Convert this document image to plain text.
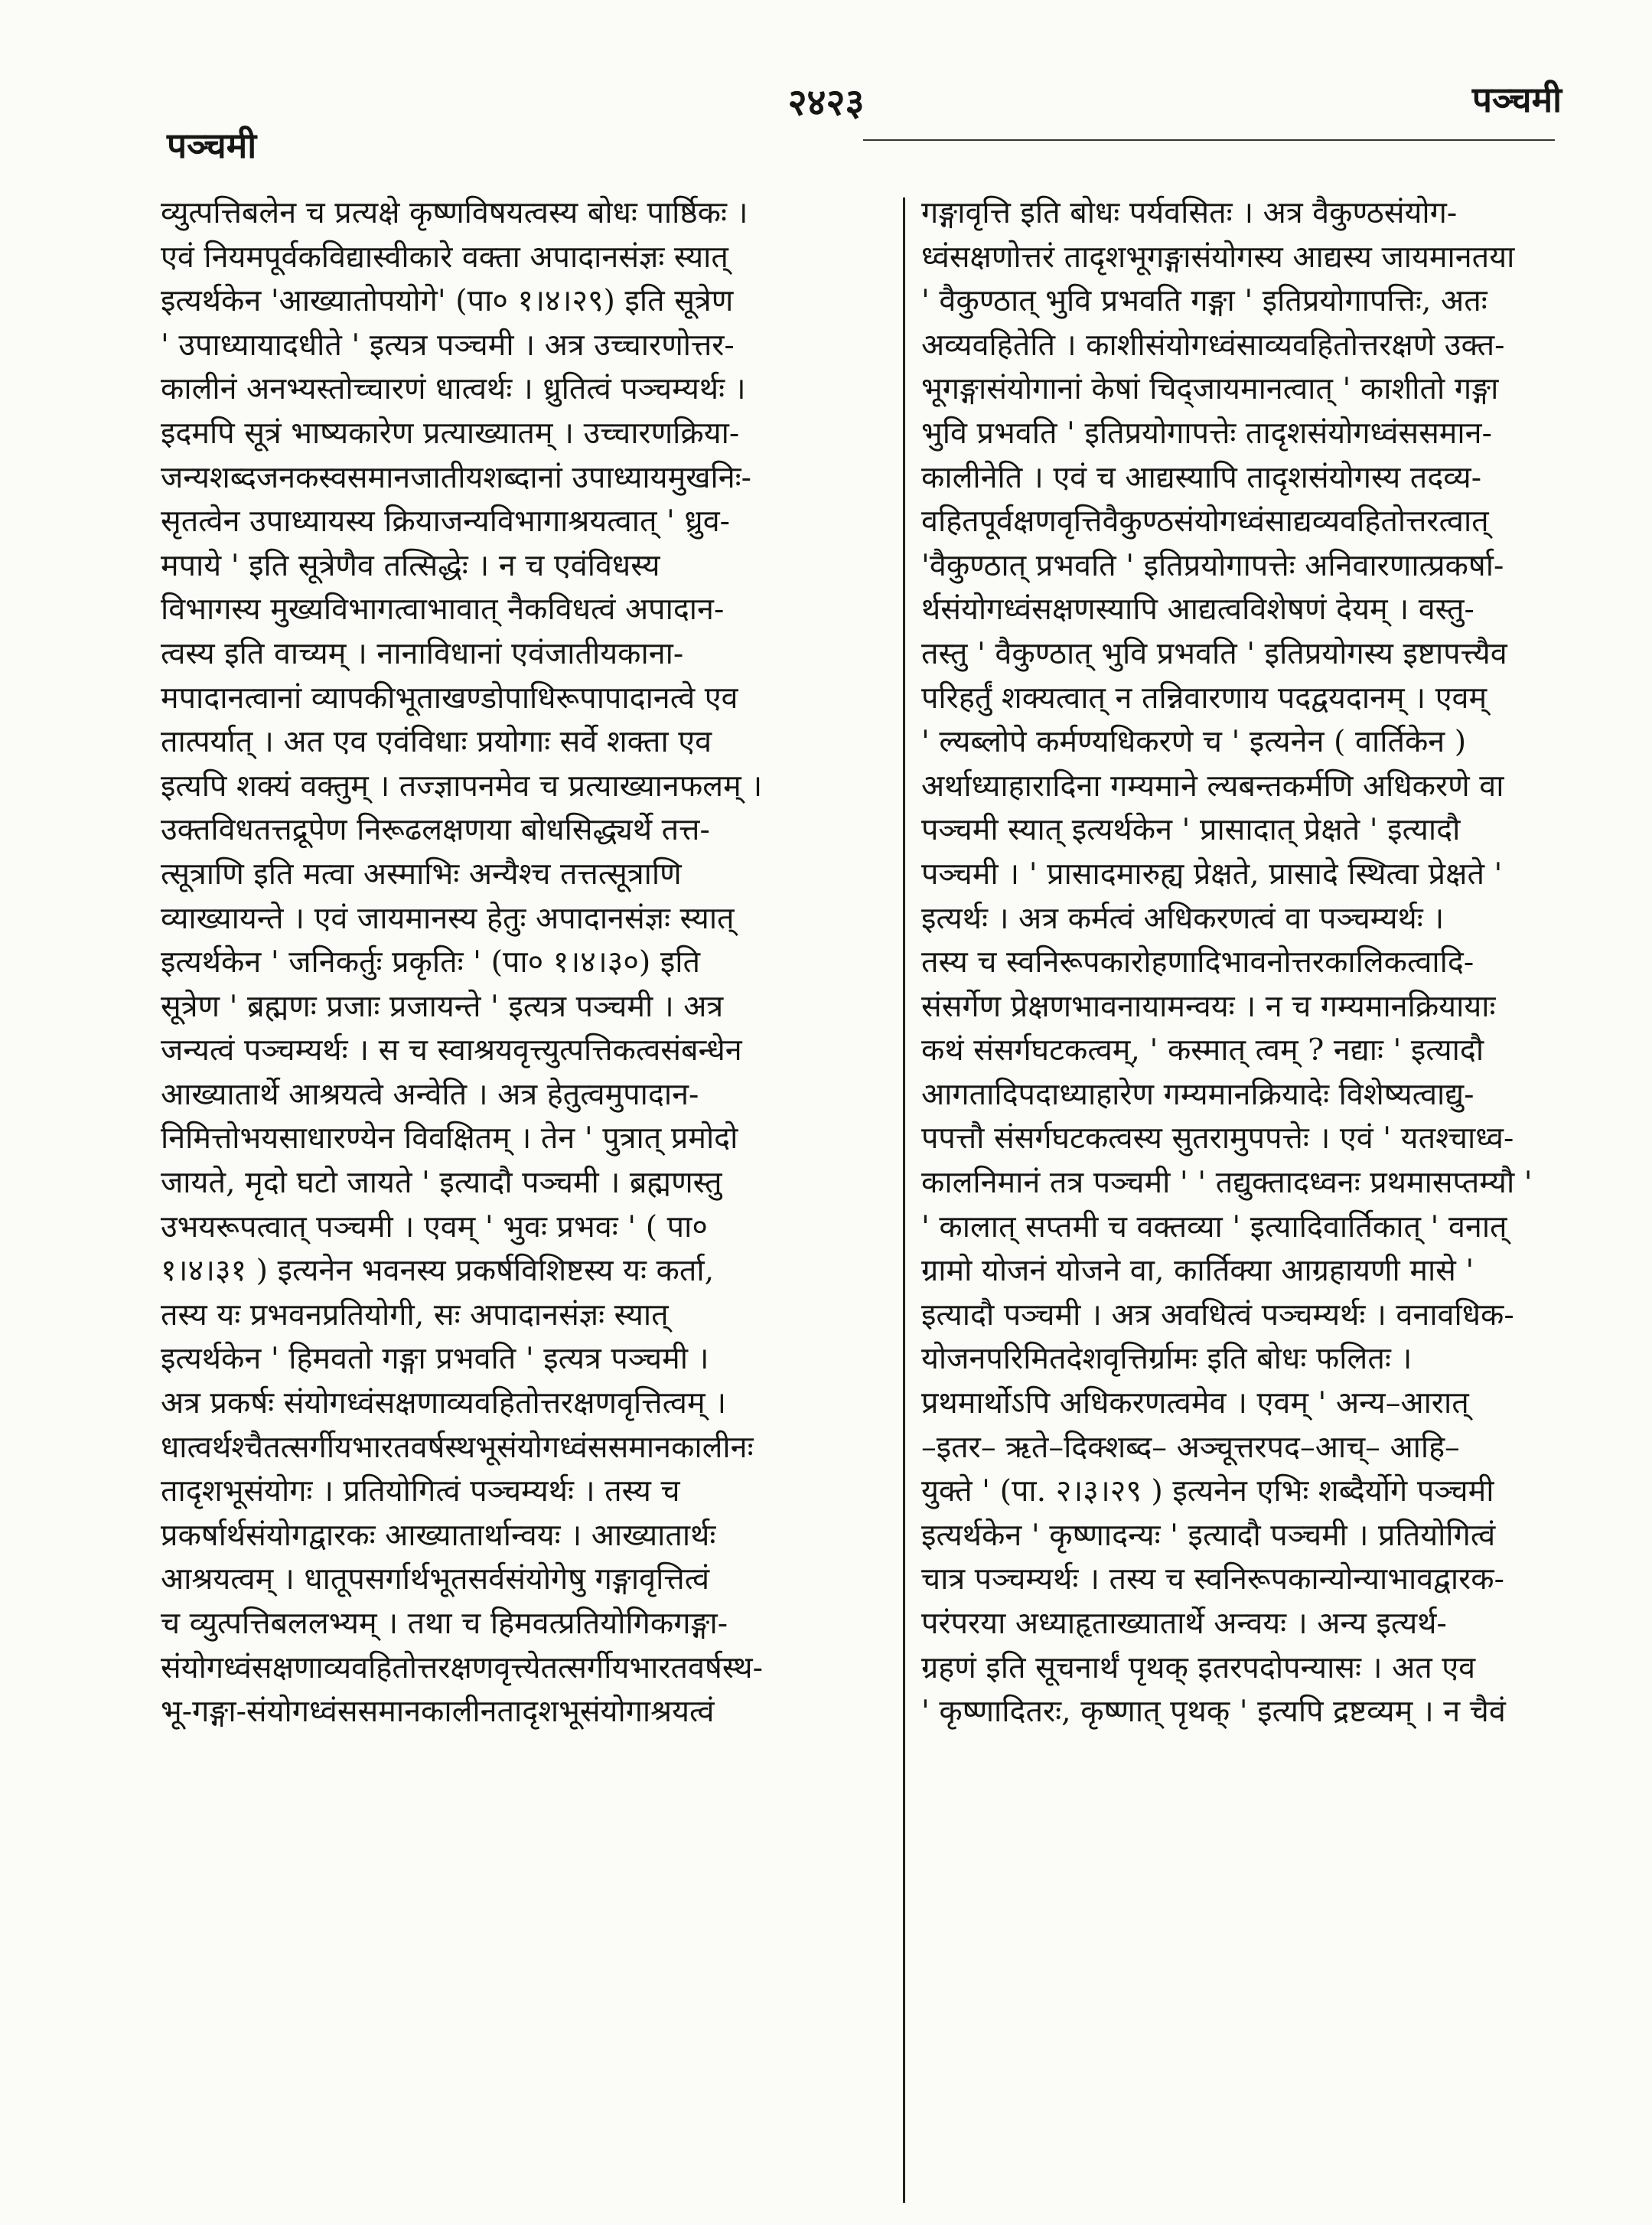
पञ्चमी
२४२३	पञ्चमी
व्युत्पत्तिबलेन च प्रत्यक्षे कृष्णविषयत्वस्य बोधः पार्ष्ठिकः ।
एवं नियमपूर्वकविद्यास्वीकारे वक्ता अपादानसंज्ञः स्यात्
इत्यर्थकेन 'आख्यातोपयोगे' (पा० १।४।२९) इति सूत्रेण
' उपाध्यायादधीते ' इत्यत्र पञ्चमी । अत्र उच्चारणोत्तर-
कालीनं अनभ्यस्तोच्चारणं धात्वर्थः । ध्रुतित्वं पञ्चम्यर्थः ।
इदमपि सूत्रं भाष्यकारेण प्रत्याख्यातम् । उच्चारणक्रिया-
जन्यशब्दजनकस्वसमानजातीयशब्दानां उपाध्यायमुखनिः-
सृतत्वेन उपाध्यायस्य क्रियाजन्यविभागाश्रयत्वात् ' ध्रुव-
मपाये ' इति सूत्रेणैव तत्सिद्धेः । न च एवंविधस्य
विभागस्य मुख्यविभागत्वाभावात् नैकविधत्वं अपादान-
त्वस्य इति वाच्यम् । नानाविधानां एवंजातीयकाना-
मपादानत्वानां व्यापकीभूताखण्डोपाधिरूपापादानत्वे एव
तात्पर्यात् । अत एव एवंविधाः प्रयोगाः सर्वे शक्ता एव
इत्यपि शक्यं वक्तुम् । तज्ज्ञापनमेव च प्रत्याख्यानफलम् ।
उक्तविधतत्तद्रूपेण निरूढलक्षणया बोधसिद्ध्यर्थे तत्त-
त्सूत्राणि इति मत्वा अस्माभिः अन्यैश्च तत्तत्सूत्राणि
व्याख्यायन्ते । एवं जायमानस्य हेतुः अपादानसंज्ञः स्यात्
इत्यर्थकेन ' जनिकर्तुः प्रकृतिः ' (पा० १।४।३०) इति
सूत्रेण ' ब्रह्मणः प्रजाः प्रजायन्ते ' इत्यत्र पञ्चमी । अत्र
जन्यत्वं पञ्चम्यर्थः । स च स्वाश्रयवृत्त्युत्पत्तिकत्वसंबन्धेन
आख्यातार्थे आश्रयत्वे अन्वेति । अत्र हेतुत्वमुपादान-
निमित्तोभयसाधारण्येन विवक्षितम् । तेन ' पुत्रात् प्रमोदो
जायते, मृदो घटो जायते ' इत्यादौ पञ्चमी । ब्रह्मणस्तु
उभयरूपत्वात् पञ्चमी । एवम् ' भुवः प्रभवः ' ( पा०
१।४।३१ ) इत्यनेन भवनस्य प्रकर्षविशिष्टस्य यः कर्ता,
तस्य यः प्रभवनप्रतियोगी, सः अपादानसंज्ञः स्यात्
इत्यर्थकेन ' हिमवतो गङ्गा प्रभवति ' इत्यत्र पञ्चमी ।
अत्र प्रकर्षः संयोगध्वंसक्षणाव्यवहितोत्तरक्षणवृत्तित्वम् ।
धात्वर्थश्चैतत्सर्गीयभारतवर्षस्थभूसंयोगध्वंससमानकालीनः
तादृशभूसंयोगः । प्रतियोगित्वं पञ्चम्यर्थः । तस्य च
प्रकर्षार्थसंयोगद्वारकः आख्यातार्थान्वयः । आख्यातार्थः
आश्रयत्वम् । धातूपसर्गार्थभूतसर्वसंयोगेषु गङ्गावृत्तित्वं
च व्युत्पत्तिबललभ्यम् । तथा च हिमवत्प्रतियोगिकगङ्गा-
संयोगध्वंसक्षणाव्यवहितोत्तरक्षणवृत्त्येतत्सर्गीयभारतवर्षस्थ-
भू-गङ्गा-संयोगध्वंससमानकालीनतादृशभूसंयोगाश्रयत्वं
गङ्गावृत्ति इति बोधः पर्यवसितः । अत्र वैकुण्ठसंयोग-
ध्वंसक्षणोत्तरं तादृशभूगङ्गासंयोगस्य आद्यस्य जायमानतया
' वैकुण्ठात् भुवि प्रभवति गङ्गा ' इतिप्रयोगापत्तिः, अतः
अव्यवहितेति । काशीसंयोगध्वंसाव्यवहितोत्तरक्षणे उक्त-
भूगङ्गासंयोगानां केषां चिद्जायमानत्वात् ' काशीतो गङ्गा
भुवि प्रभवति ' इतिप्रयोगापत्तेः तादृशसंयोगध्वंससमान-
कालीनेति । एवं च आद्यस्यापि तादृशसंयोगस्य तदव्य-
वहितपूर्वक्षणवृत्तिवैकुण्ठसंयोगध्वंसाद्यव्यवहितोत्तरत्वात्
'वैकुण्ठात् प्रभवति ' इतिप्रयोगापत्तेः अनिवारणात्प्रकर्षा-
र्थसंयोगध्वंसक्षणस्यापि आद्यत्वविशेषणं देयम् । वस्तु-
तस्तु ' वैकुण्ठात् भुवि प्रभवति ' इतिप्रयोगस्य इष्टापत्त्यैव
परिहर्तुं शक्यत्वात् न तन्निवारणाय पदद्वयदानम् । एवम्
' ल्यब्लोपे कर्मण्यधिकरणे च ' इत्यनेन ( वार्तिकेन )
अर्थाध्याहारादिना गम्यमाने ल्यबन्तकर्मणि अधिकरणे वा
पञ्चमी स्यात् इत्यर्थकेन ' प्रासादात् प्रेक्षते ' इत्यादौ
पञ्चमी । ' प्रासादमारुह्य प्रेक्षते, प्रासादे स्थित्वा प्रेक्षते '
इत्यर्थः । अत्र कर्मत्वं अधिकरणत्वं वा पञ्चम्यर्थः ।
तस्य च स्वनिरूपकारोहणादिभावनोत्तरकालिकत्वादि-
संसर्गेण प्रेक्षणभावनायामन्वयः । न च गम्यमानक्रियायाः
कथं संसर्गघटकत्वम्, ' कस्मात् त्वम् ? नद्याः ' इत्यादौ
आगतादिपदाध्याहारेण गम्यमानक्रियादेः विशेष्यत्वाद्यु-
पपत्तौ संसर्गघटकत्वस्य सुतरामुपपत्तेः । एवं ' यतश्चाध्व-
कालनिमानं तत्र पञ्चमी ' ' तद्युक्तादध्वनः प्रथमासप्तम्यौ '
' कालात् सप्तमी च वक्तव्या ' इत्यादिवार्तिकात् ' वनात्
ग्रामो योजनं योजने वा, कार्तिक्या आग्रहायणी मासे '
इत्यादौ पञ्चमी । अत्र अवधित्वं पञ्चम्यर्थः । वनावधिक-
योजनपरिमितदेशवृत्तिर्ग्रामः इति बोधः फलितः ।
प्रथमार्थोऽपि अधिकरणत्वमेव । एवम् ' अन्य–आरात्
–इतर– ऋते–दिक्शब्द– अञ्चूत्तरपद–आच्– आहि–
युक्ते ' (पा. २।३।२९ ) इत्यनेन एभिः शब्दैर्योगे पञ्चमी
इत्यर्थकेन ' कृष्णादन्यः ' इत्यादौ पञ्चमी । प्रतियोगित्वं
चात्र पञ्चम्यर्थः । तस्य च स्वनिरूपकान्योन्याभावद्वारक-
परंपरया अध्याहृताख्यातार्थे अन्वयः । अन्य इत्यर्थ-
ग्रहणं इति सूचनार्थं पृथक् इतरपदोपन्यासः । अत एव
' कृष्णादितरः, कृष्णात् पृथक् ' इत्यपि द्रष्टव्यम् । न चैवं
